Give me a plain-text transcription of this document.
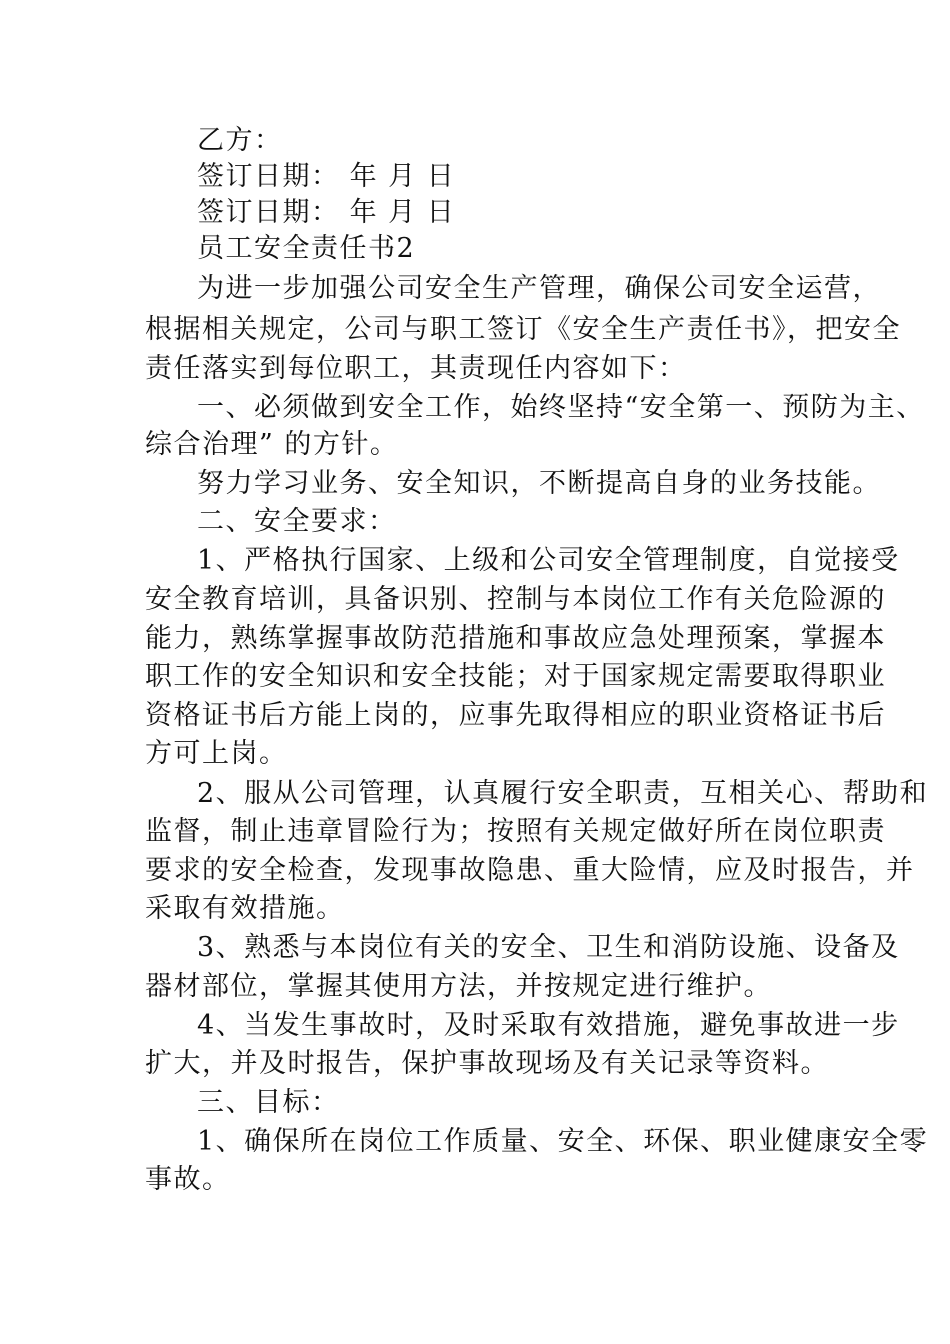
乙方：
签订日期： 年 月 日
签订日期： 年 月 日
员工安全责任书2
为进一步加强公司安全生产管理，确保公司安全运营，
根据相关规定，公司与职工签订《安全生产责任书》，把安全
责任落实到每位职工，其责现任内容如下：
一、必须做到安全工作，始终坚持“安全第一、预防为主、
综合治理” 的方针。
努力学习业务、安全知识，不断提高自身的业务技能。
二、安全要求：
1、严格执行国家、上级和公司安全管理制度，自觉接受
安全教育培训，具备识别、控制与本岗位工作有关危险源的
能力，熟练掌握事故防范措施和事故应急处理预案，掌握本
职工作的安全知识和安全技能；对于国家规定需要取得职业
资格证书后方能上岗的，应事先取得相应的职业资格证书后
方可上岗。
2、服从公司管理，认真履行安全职责，互相关心、帮助和
监督，制止违章冒险行为；按照有关规定做好所在岗位职责
要求的安全检查，发现事故隐患、重大险情，应及时报告，并
采取有效措施。
3、熟悉与本岗位有关的安全、卫生和消防设施、设备及
器材部位，掌握其使用方法，并按规定进行维护。
4、当发生事故时，及时采取有效措施，避免事故进一步
扩大，并及时报告，保护事故现场及有关记录等资料。
三、目标：
1、确保所在岗位工作质量、安全、环保、职业健康安全零
事故。
